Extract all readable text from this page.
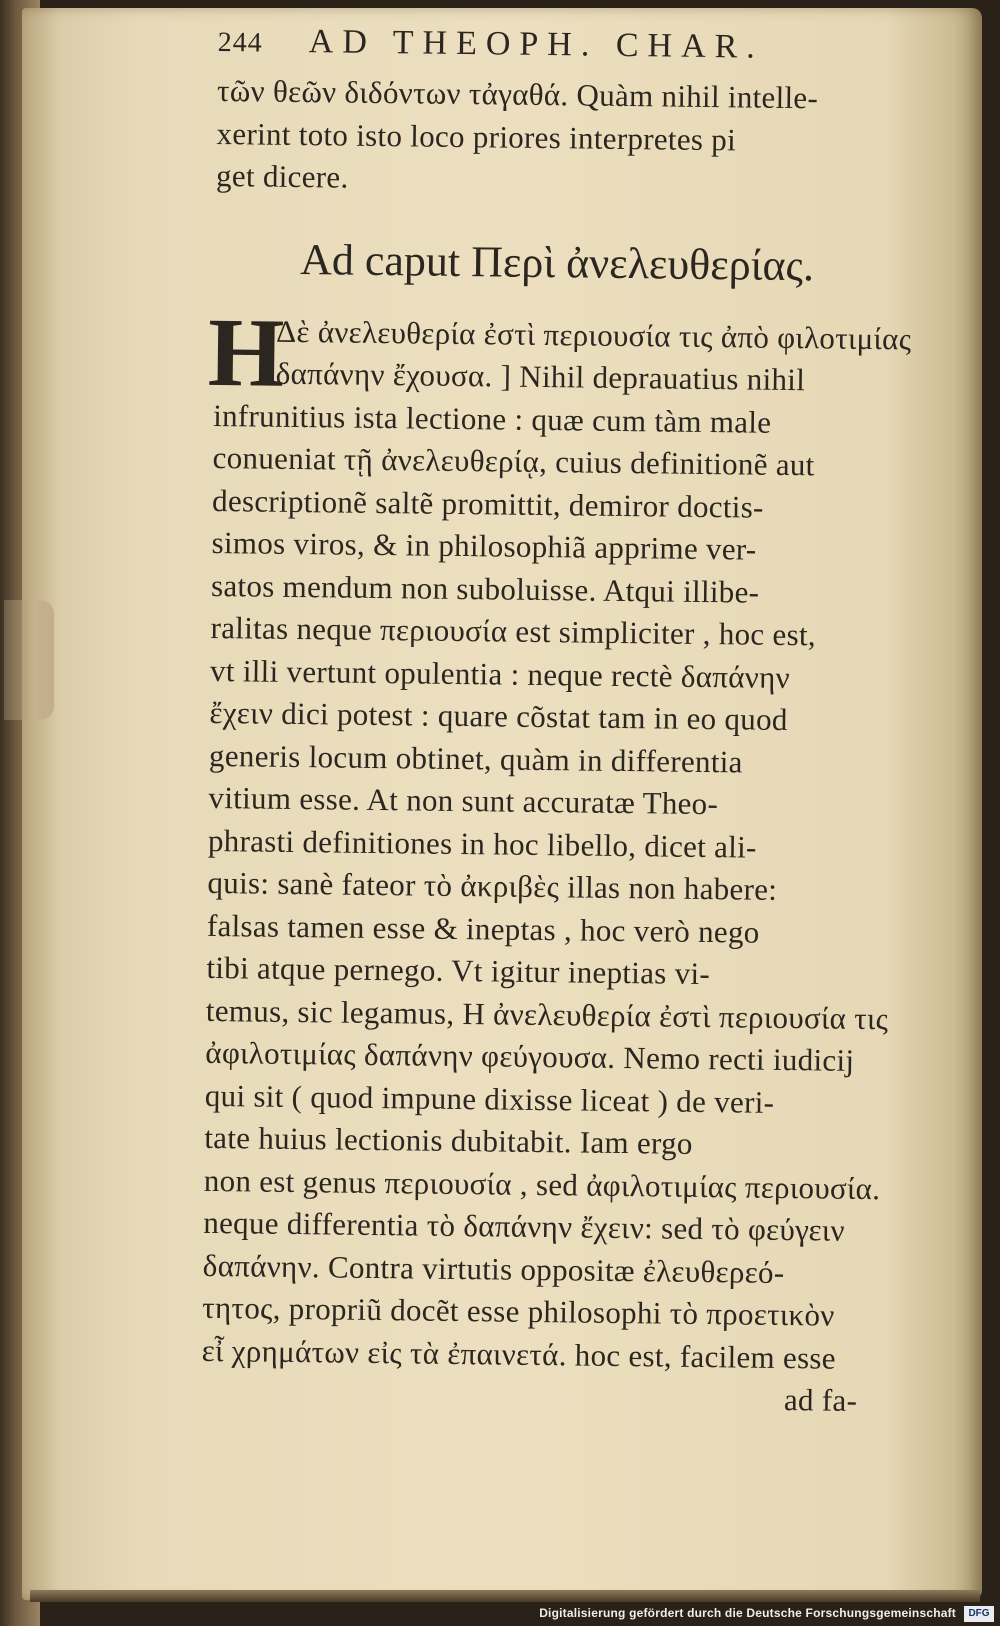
244 AD THEOPH. CHAR.
τῶν θεῶν διδόντων τἀγαθά. Quàm nihil intelle-
xerint toto isto loco priores interpretes pi
get dicere.
Ad caput Περὶ ἀνελευθερίας.
H
Δὲ ἀνελευθερία ἐστὶ περιουσία τις ἀπὸ φιλοτιμίας
δαπάνην ἔχουσα. ] Nihil deprauatius nihil
infrunitius ista lectione : quæ cum tàm male
conueniat τῇ ἀνελευθερίᾳ, cuius definitionẽ aut
descriptionẽ saltẽ promittit, demiror doctis-
simos viros, & in philosophiã apprime ver-
satos mendum non suboluisse. Atqui illibe-
ralitas neque περιουσία est simpliciter , hoc est,
vt illi vertunt opulentia : neque rectè δαπάνην
ἔχειν dici potest : quare cõstat tam in eo quod
generis locum obtinet, quàm in differentia
vitium esse. At non sunt accuratæ Theo-
phrasti definitiones in hoc libello, dicet ali-
quis: sanè fateor τὸ ἀκριβὲς illas non habere:
falsas tamen esse & ineptas , hoc verò nego
tibi atque pernego. Vt igitur ineptias vi-
temus, sic legamus, Η ἀνελευθερία ἐστὶ περιουσία τις
ἀφιλοτιμίας δαπάνην φεύγουσα. Nemo recti iudicij
qui sit ( quod impune dixisse liceat ) de veri-
tate huius lectionis dubitabit. Iam ergo
non est genus περιουσία , sed ἀφιλοτιμίας περιουσία.
neque differentia τὸ δαπάνην ἔχειν: sed τὸ φεύγειν
δαπάνην. Contra virtutis oppositæ ἐλευθερεό-
τητος, propriũ docẽt esse philosophi τὸ προετικὸν
εἶ χρημάτων εἰς τὰ ἐπαινετά. hoc est, facilem esse
ad fa-
Digitalisierung gefördert durch die Deutsche Forschungsgemeinschaft	DFG
